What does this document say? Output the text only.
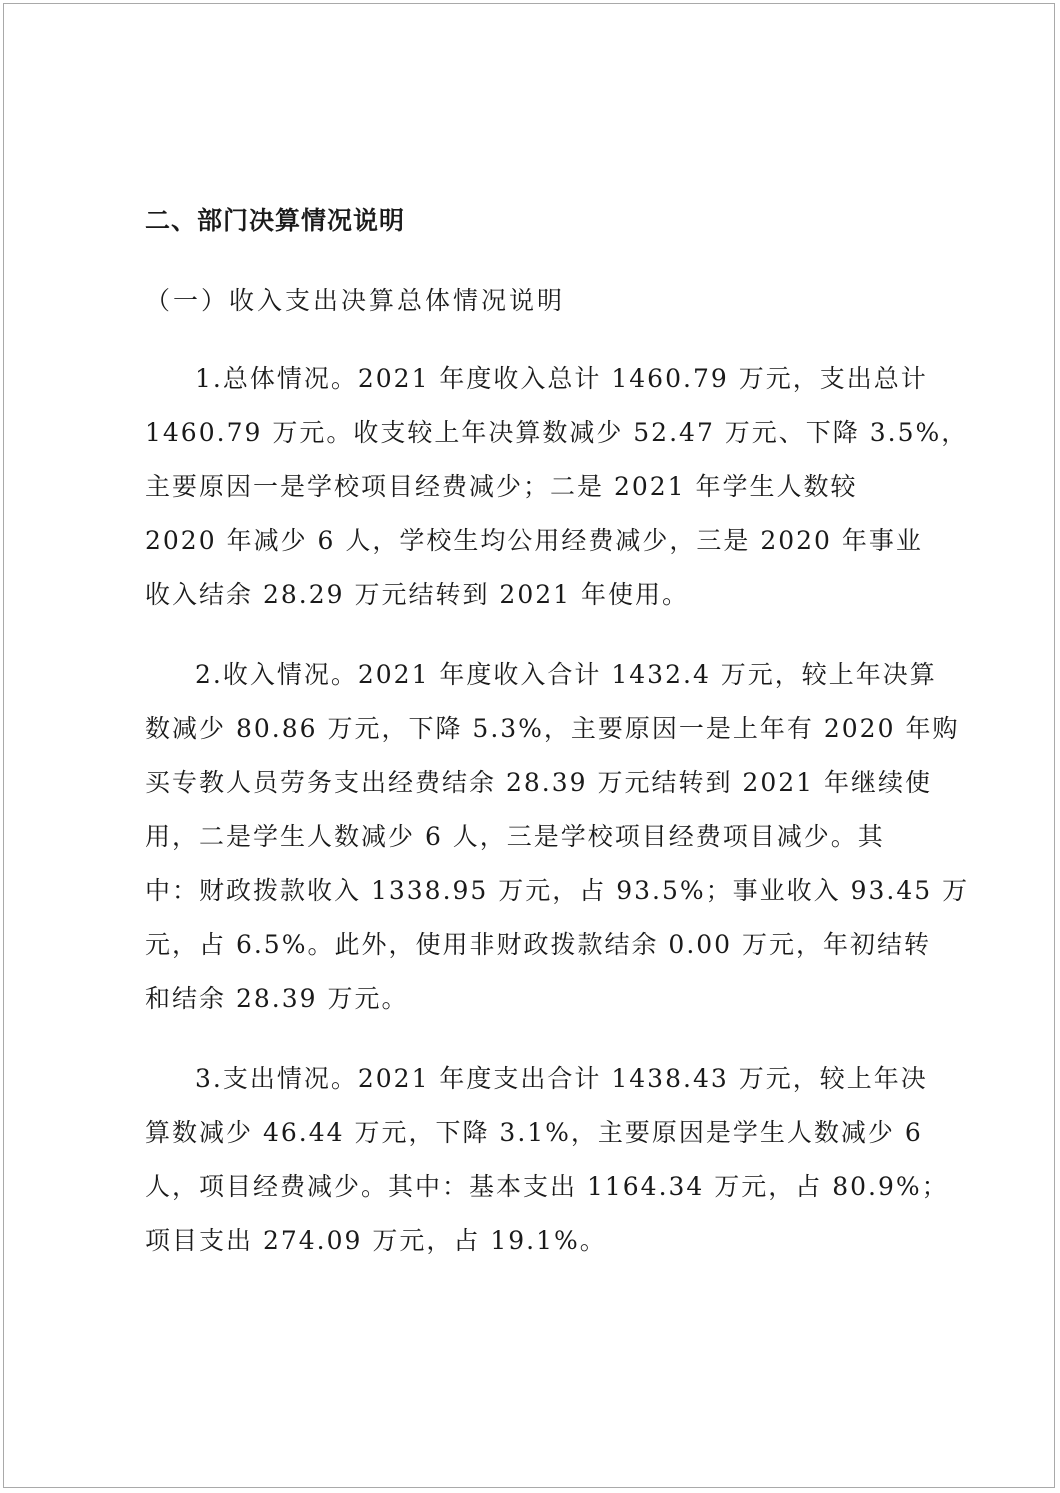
二、部门决算情况说明
（一）收入支出决算总体情况说明
1.总体情况。2021 年度收入总计 1460.79 万元，支出总计
1460.79 万元。收支较上年决算数减少 52.47 万元、下降 3.5%，
主要原因一是学校项目经费减少；二是 2021 年学生人数较
2020 年减少 6 人，学校生均公用经费减少，三是 2020 年事业
收入结余 28.29 万元结转到 2021 年使用。
2.收入情况。2021 年度收入合计 1432.4 万元，较上年决算
数减少 80.86 万元，下降 5.3%，主要原因一是上年有 2020 年购
买专教人员劳务支出经费结余 28.39 万元结转到 2021 年继续使
用，二是学生人数减少 6 人，三是学校项目经费项目减少。其
中：财政拨款收入 1338.95 万元，占 93.5%；事业收入 93.45 万
元，占 6.5%。此外，使用非财政拨款结余 0.00 万元，年初结转
和结余 28.39 万元。
3.支出情况。2021 年度支出合计 1438.43 万元，较上年决
算数减少 46.44 万元，下降 3.1%，主要原因是学生人数减少 6
人，项目经费减少。其中：基本支出 1164.34 万元，占 80.9%；
项目支出 274.09 万元，占 19.1%。
